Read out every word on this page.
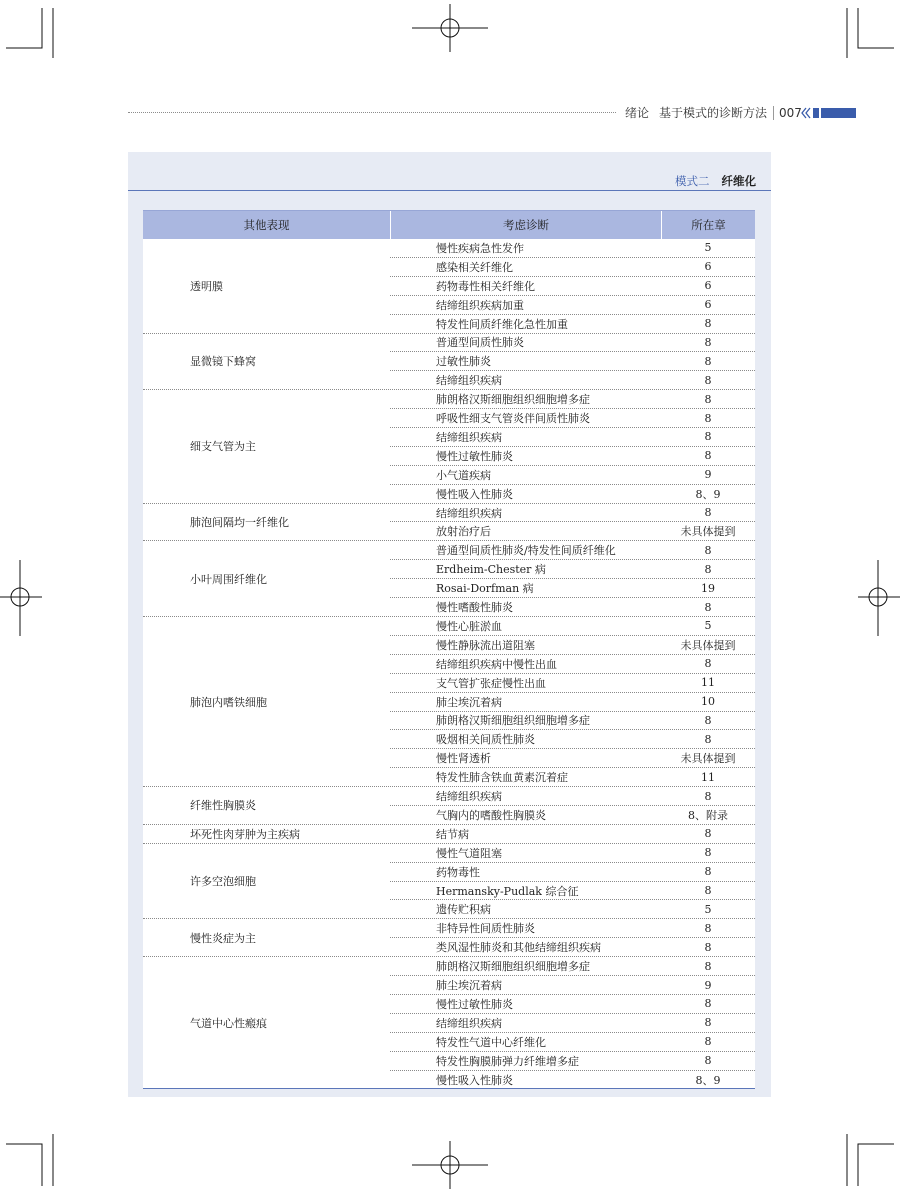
绪论 基于模式的诊断方法 007
模式二 纤维化
其他表现	考虑诊断	所在章
透明膜
慢性疾病急性发作	5
感染相关纤维化	6
药物毒性相关纤维化	6
结缔组织疾病加重	6
特发性间质纤维化急性加重	8
显微镜下蜂窝
普通型间质性肺炎	8
过敏性肺炎	8
结缔组织疾病	8
细支气管为主
肺朗格汉斯细胞组织细胞增多症	8
呼吸性细支气管炎伴间质性肺炎	8
结缔组织疾病	8
慢性过敏性肺炎	8
小气道疾病	9
慢性吸入性肺炎	8、9
肺泡间隔均一纤维化
结缔组织疾病	8
放射治疗后	未具体提到
小叶周围纤维化
普通型间质性肺炎/特发性间质纤维化	8
Erdheim-Chester 病	8
Rosai-Dorfman 病	19
慢性嗜酸性肺炎	8
肺泡内嗜铁细胞
慢性心脏淤血	5
慢性静脉流出道阻塞	未具体提到
结缔组织疾病中慢性出血	8
支气管扩张症慢性出血	11
肺尘埃沉着病	10
肺朗格汉斯细胞组织细胞增多症	8
吸烟相关间质性肺炎	8
慢性肾透析	未具体提到
特发性肺含铁血黄素沉着症	11
纤维性胸膜炎
结缔组织疾病	8
气胸内的嗜酸性胸膜炎	8、附录
坏死性肉芽肿为主疾病	结节病	8
许多空泡细胞
慢性气道阻塞	8
药物毒性	8
Hermansky-Pudlak 综合征	8
遗传贮积病	5
慢性炎症为主
非特异性间质性肺炎	8
类风湿性肺炎和其他结缔组织疾病	8
气道中心性瘢痕
肺朗格汉斯细胞组织细胞增多症	8
肺尘埃沉着病	9
慢性过敏性肺炎	8
结缔组织疾病	8
特发性气道中心纤维化	8
特发性胸膜肺弹力纤维增多症	8
慢性吸入性肺炎	8、9
